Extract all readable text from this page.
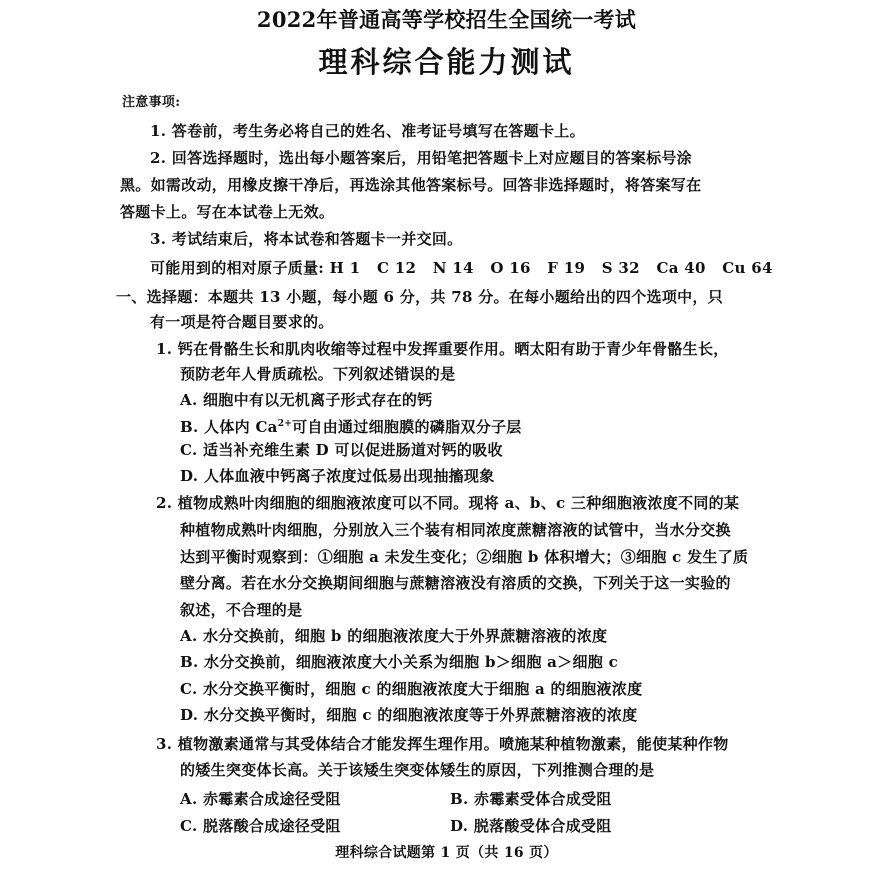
2022年普通高等学校招生全国统一考试
理科综合能力测试
注意事项:
1. 答卷前，考生务必将自己的姓名、准考证号填写在答题卡上。
2. 回答选择题时，选出每小题答案后，用铅笔把答题卡上对应题目的答案标号涂
黑。如需改动，用橡皮擦干净后，再选涂其他答案标号。回答非选择题时，将答案写在
答题卡上。写在本试卷上无效。
3. 考试结束后，将本试卷和答题卡一并交回。
可能用到的相对原子质量: H 1   C 12   N 14   O 16   F 19   S 32   Ca 40   Cu 64
一、选择题：本题共 13 小题，每小题 6 分，共 78 分。在每小题给出的四个选项中，只
有一项是符合题目要求的。
1. 钙在骨骼生长和肌肉收缩等过程中发挥重要作用。晒太阳有助于青少年骨骼生长，
预防老年人骨质疏松。下列叙述错误的是
A. 细胞中有以无机离子形式存在的钙
B. 人体内 $Ca^{2+}$可自由通过细胞膜的磷脂双分子层
C. 适当补充维生素 D 可以促进肠道对钙的吸收
D. 人体血液中钙离子浓度过低易出现抽搐现象
2. 植物成熟叶肉细胞的细胞液浓度可以不同。现将 a、b、c 三种细胞液浓度不同的某
种植物成熟叶肉细胞，分别放入三个装有相同浓度蔗糖溶液的试管中，当水分交换
达到平衡时观察到：①细胞 a 未发生变化；②细胞 b 体积增大；③细胞 c 发生了质
壁分离。若在水分交换期间细胞与蔗糖溶液没有溶质的交换，下列关于这一实验的
叙述，不合理的是
A. 水分交换前，细胞 b 的细胞液浓度大于外界蔗糖溶液的浓度
B. 水分交换前，细胞液浓度大小关系为细胞 b＞细胞 a＞细胞 c
C. 水分交换平衡时，细胞 c 的细胞液浓度大于细胞 a 的细胞液浓度
D. 水分交换平衡时，细胞 c 的细胞液浓度等于外界蔗糖溶液的浓度
3. 植物激素通常与其受体结合才能发挥生理作用。喷施某种植物激素，能使某种作物
的矮生突变体长高。关于该矮生突变体矮生的原因，下列推测合理的是
A. 赤霉素合成途径受阻	B. 赤霉素受体合成受阻
C. 脱落酸合成途径受阻	D. 脱落酸受体合成受阻
理科综合试题第 1 页（共 16 页）
